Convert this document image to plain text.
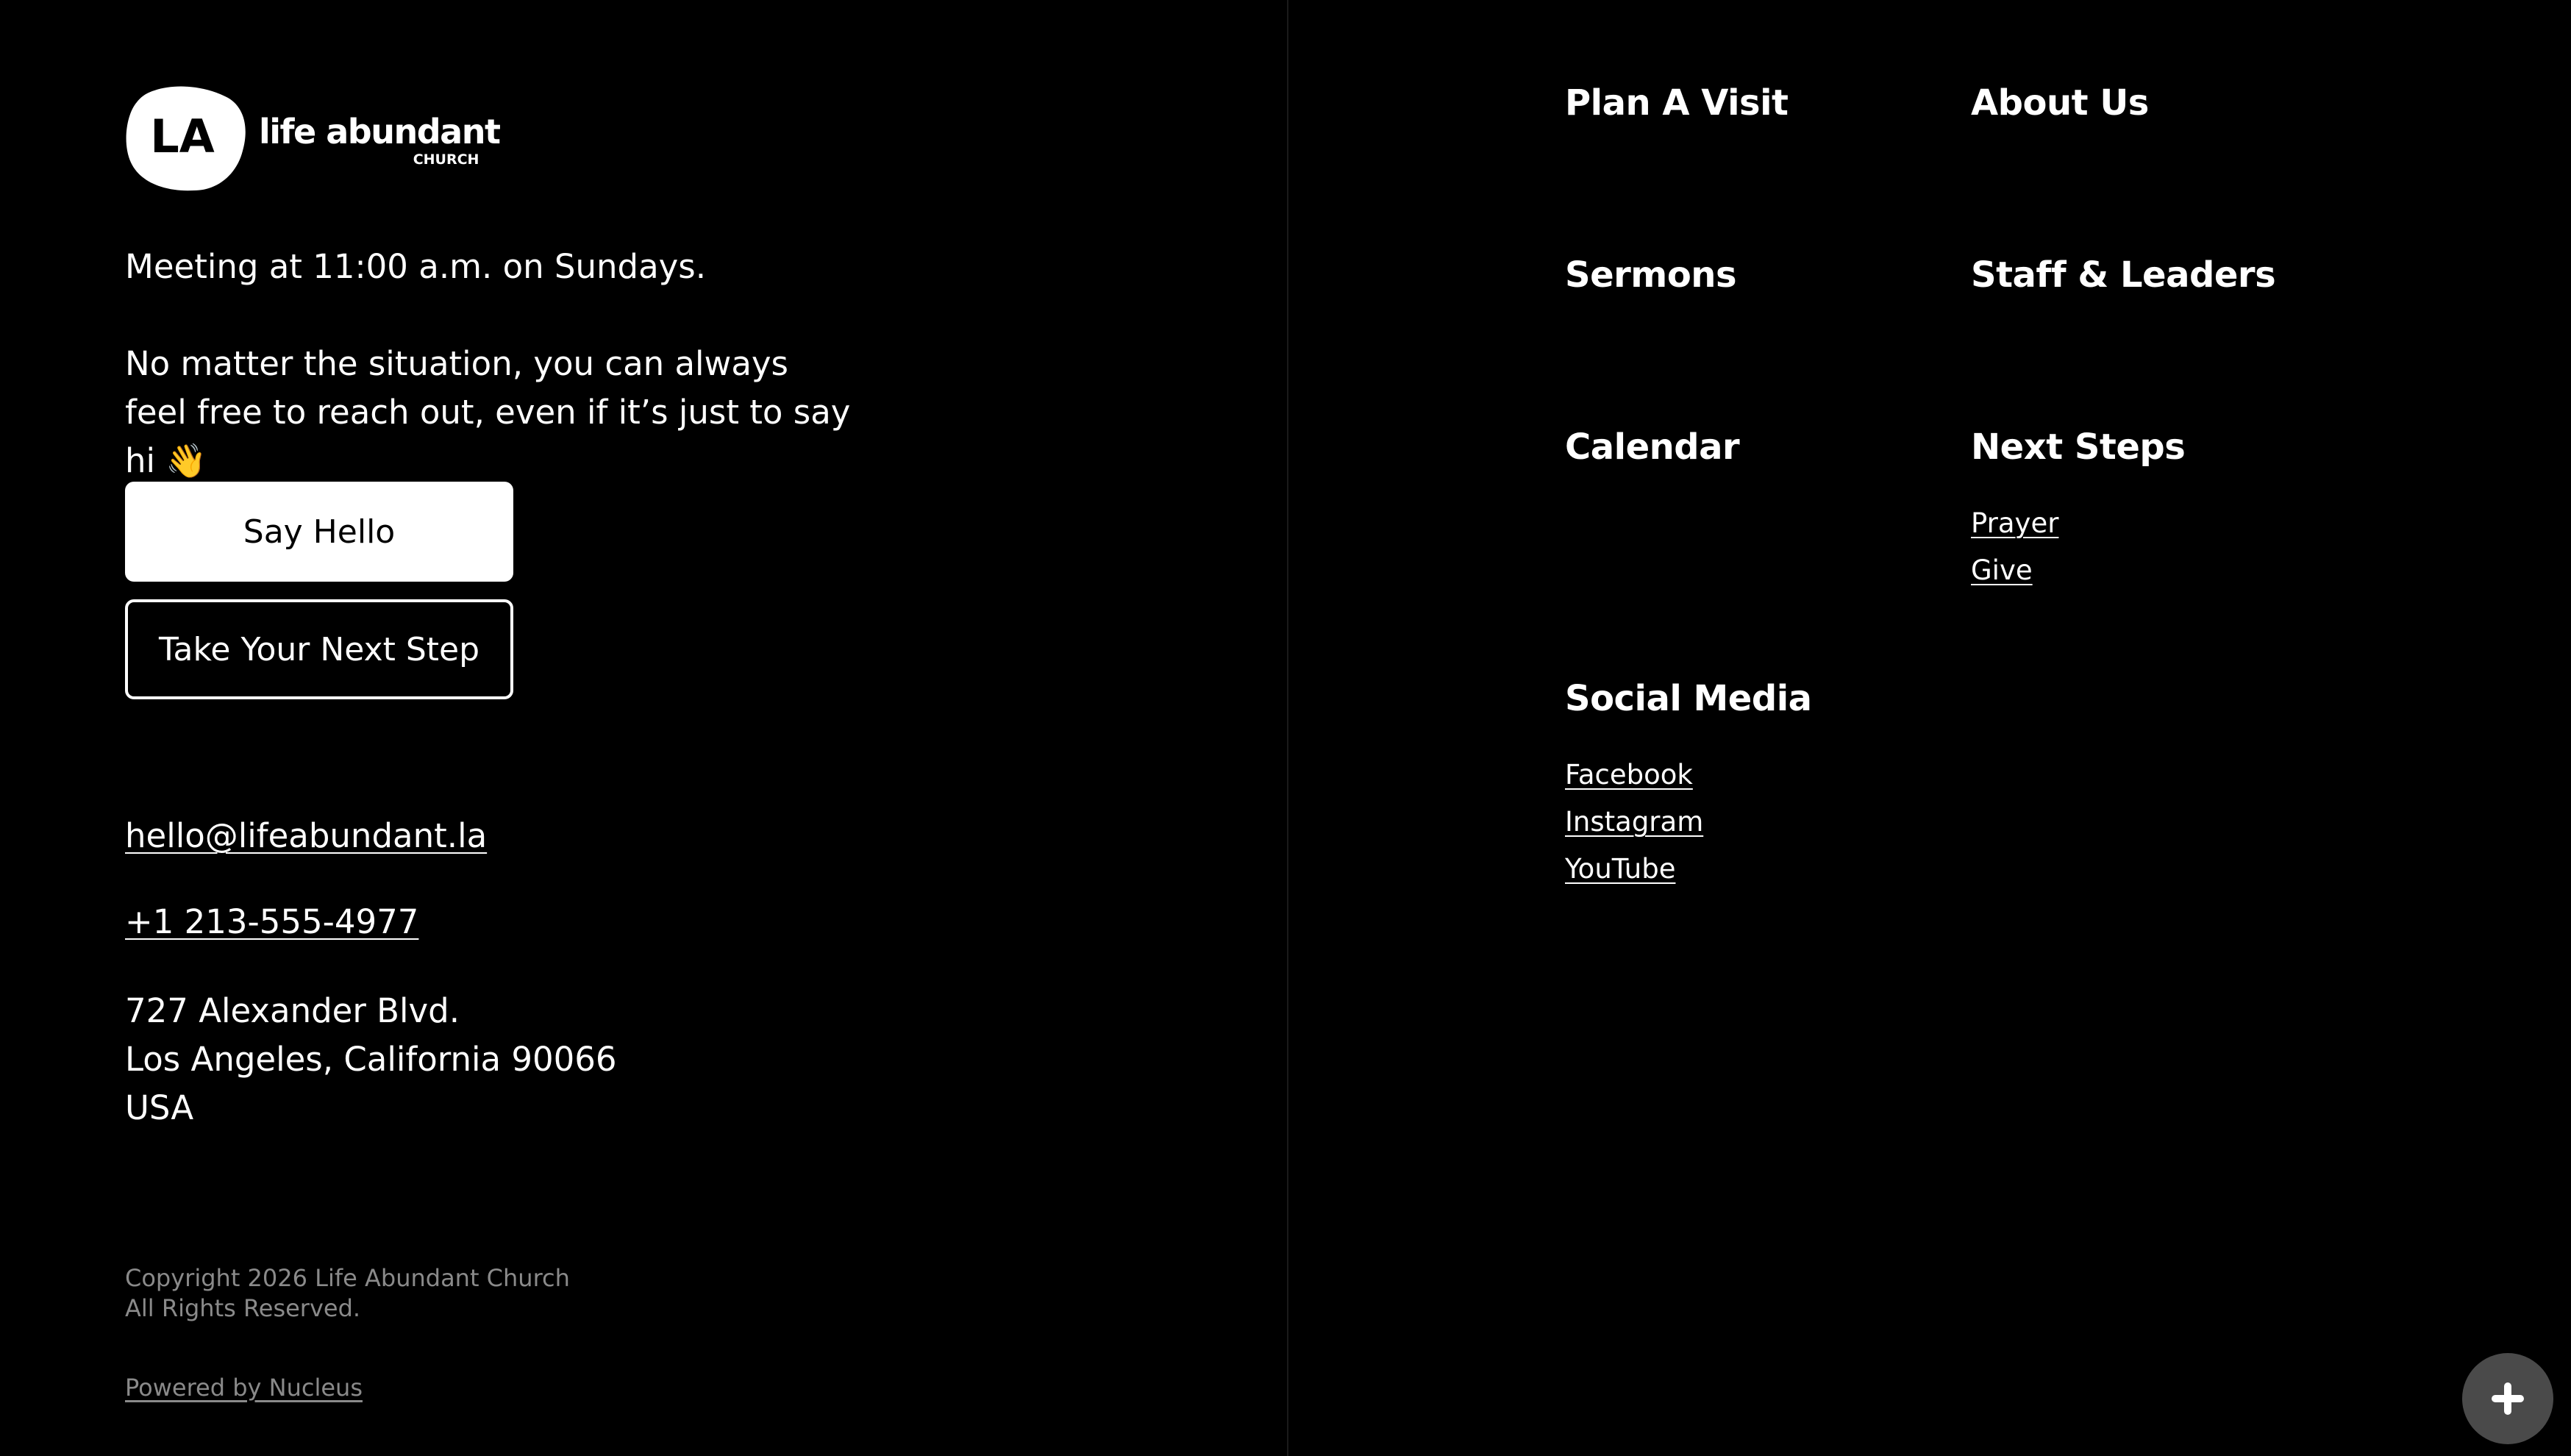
LA life abundant
CHURCH
Meeting at 11:00 a.m. on Sundays.
No matter the situation, you can always feel free to reach out, even if it’s just to say hi 👋
Say Hello
Take Your Next Step
hello@lifeabundant.la
+1 213-555-4977
727 Alexander Blvd.
Los Angeles, California 90066
USA
Copyright 2026 Life Abundant Church
All Rights Reserved.
Powered by Nucleus
Plan A Visit	About Us
Sermons	Staff & Leaders
Calendar	Next Steps
Prayer
Give
Social Media
Facebook
Instagram
YouTube
